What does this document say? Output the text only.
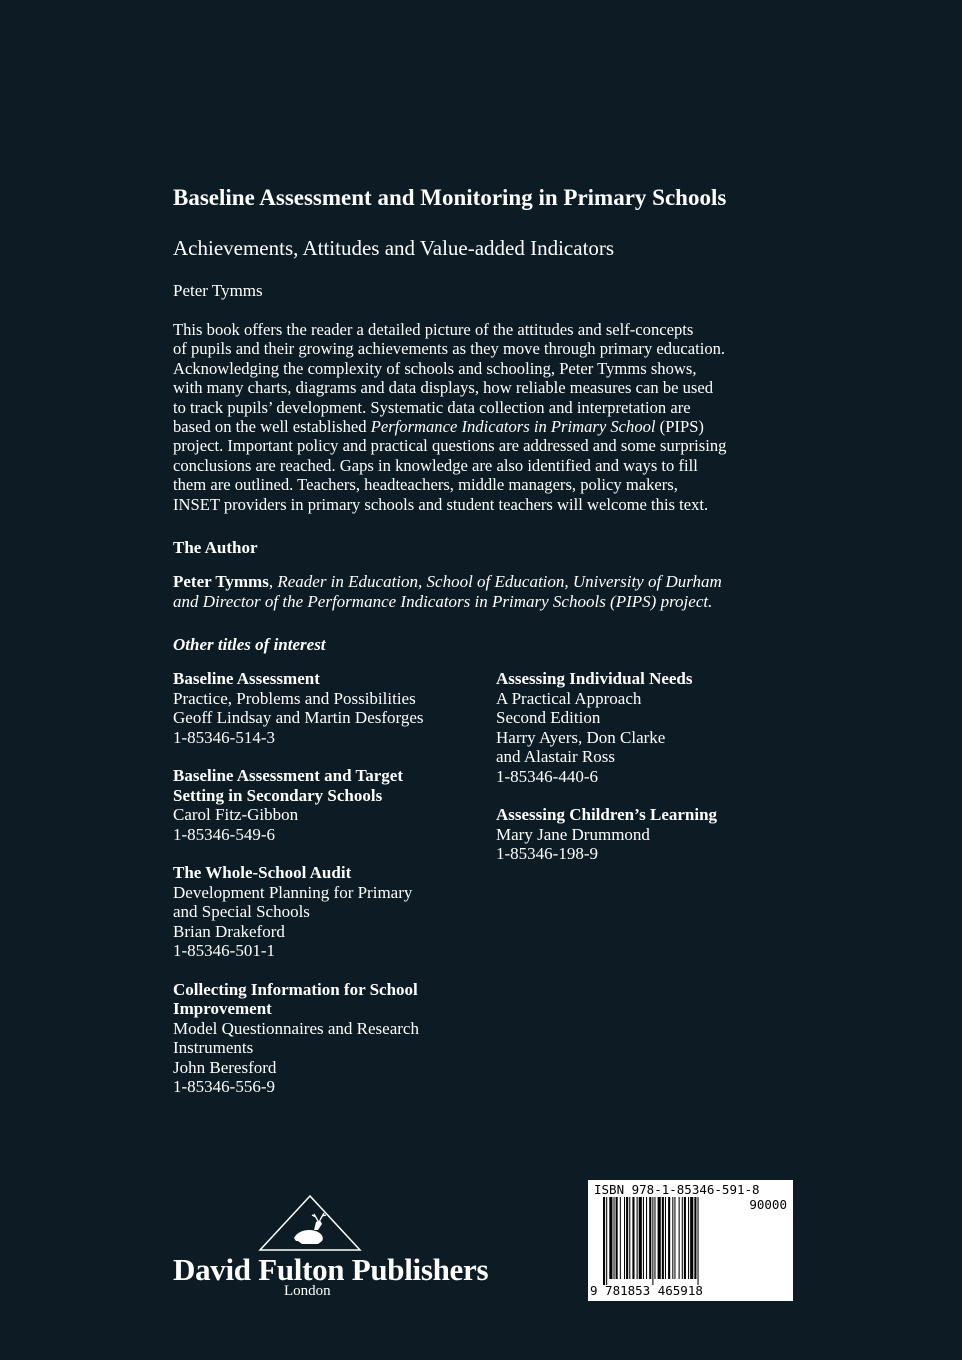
Baseline Assessment and Monitoring in Primary Schools
Achievements, Attitudes and Value-added Indicators
Peter Tymms

This book offers the reader a detailed picture of the attitudes and self-concepts

of pupils and their growing achievements as they move through primary education.

Acknowledging the complexity of schools and schooling, Peter Tymms shows,

with many charts, diagrams and data displays, how reliable measures can be used

to track pupils’ development. Systematic data collection and interpretation are

based on the well established Performance Indicators in Primary School (PIPS)

project. Important policy and practical questions are addressed and some surprising

conclusions are reached. Gaps in knowledge are also identified and ways to fill

them are outlined. Teachers, headteachers, middle managers, policy makers,

INSET providers in primary schools and student teachers will welcome this text.

The Author
Peter Tymms, Reader in Education, School of Education, University of Durham
and Director of the Performance Indicators in Primary Schools (PIPS) project.
Other titles of interest
Baseline Assessment
Practice, Problems and Possibilities
Geoff Lindsay and Martin Desforges
1-85346-514-3
Baseline Assessment and Target
Setting in Secondary Schools
Carol Fitz-Gibbon
1-85346-549-6
The Whole-School Audit
Development Planning for Primary
and Special Schools
Brian Drakeford
1-85346-501-1
Collecting Information for School
Improvement
Model Questionnaires and Research
Instruments
John Beresford
1-85346-556-9
Assessing Individual Needs
A Practical Approach
Second Edition
Harry Ayers, Don Clarke
and Alastair Ross
1-85346-440-6
Assessing Children’s Learning
Mary Jane Drummond
1-85346-198-9
David Fulton Publishers
London
ISBN 978-1-85346-591-8
90000
9 781853 465918
